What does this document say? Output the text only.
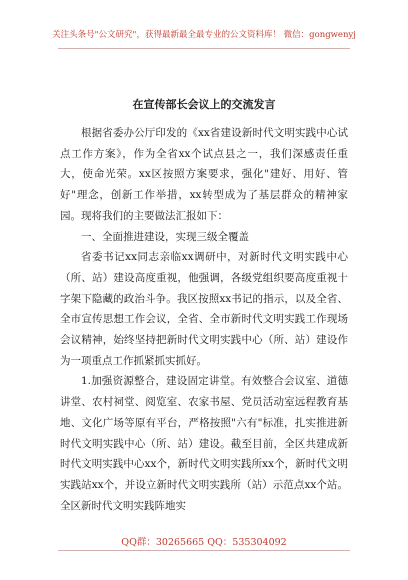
关注头条号"公文研究"，获得最新最全最专业的公文资料库！ 微信：gongwenyj
在宣传部长会议上的交流发言

根据省委办公厅印发的《xx省建设新时代文明实践中心试点工作方案》，作为全省xx个试点县之一，我们深感责任重大，使命光荣。xx区按照方案要求，强化"建好、用好、管好"理念，创新工作举措，xx转型成为了基层群众的精神家园。现将我们的主要做法汇报如下：

一、全面推进建设，实现三级全覆盖

省委书记xx同志亲临xx调研中，对新时代文明实践中心（所、站）建设高度重视，他强调，各级党组织要高度重视十字架下隐藏的政治斗争。我区按照xx书记的指示，以及全省、全市宣传思想工作会议，全省、全市新时代文明实践工作现场会议精神，始终坚持把新时代文明实践中心（所、站）建设作为一项重点工作抓紧抓实抓好。

1.加强资源整合，建设固定讲堂。有效整合会议室、道德讲堂、农村祠堂、阅览室、农家书屋、党员活动室远程教育基地、文化广场等原有平台，严格按照"六有"标准，扎实推进新时代文明实践中心（所、站）建设。截至目前，全区共建成新时代文明实践中心xx个，新时代文明实践所xx个，新时代文明实践站xx个，并设立新时代文明实践所（站）示范点xx个站。全区新时代文明实践阵地实

QQ群：30265665 QQ：535304092
